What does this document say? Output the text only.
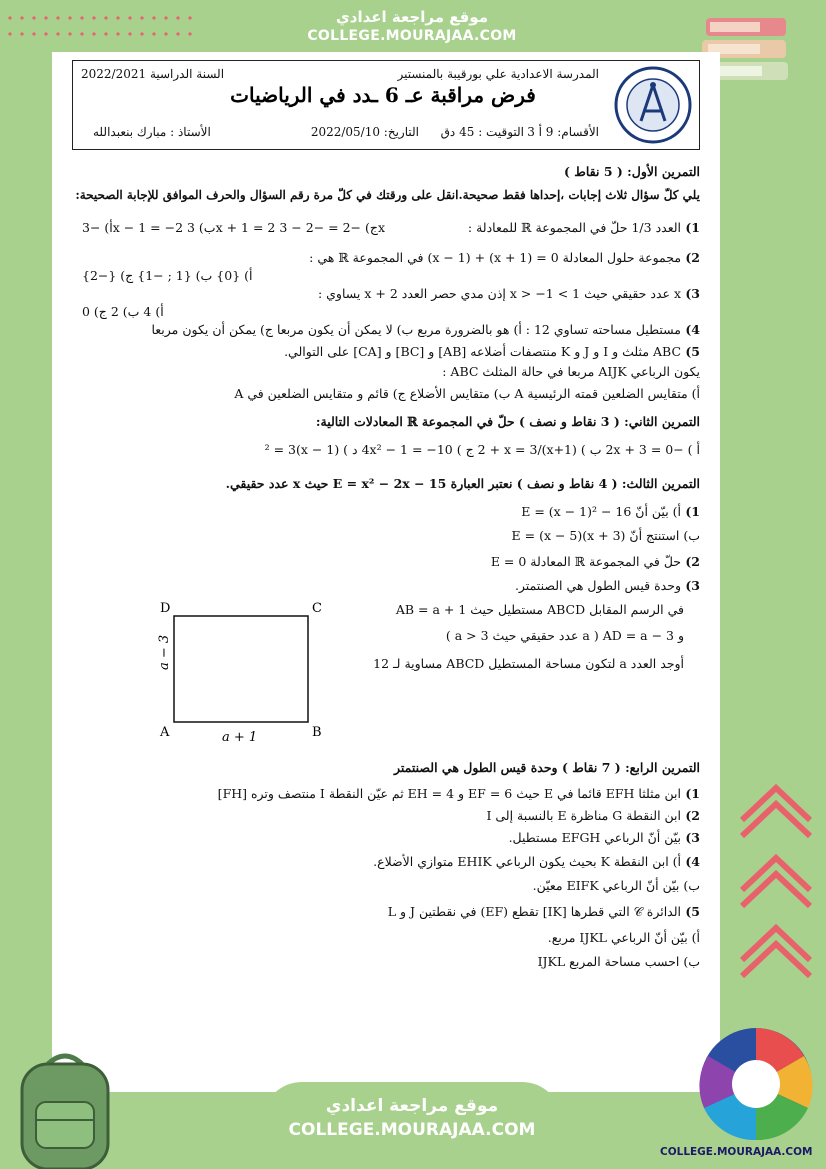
موقع مراجعة اعدادي
COLLEGE.MOURAJAA.COM
المدرسة الاعدادية علي بورقيبة بالمنستير
السنة الدراسية 2022/2021
فرض مراقبة عـ 6 ـدد في الرياضيات
الأقسام: 9 أ 3
التوقيت : 45 دق
التاريخ: 2022/05/10
الأستاذ : مبارك بنعبدالله
التمرين الأول: ( 5 نقاط )
يلي كلّ سؤال ثلاث إجابات ،إحداها فقط صحيحة.انقل على ورقتك في كلّ مرة رقم السؤال والحرف الموافق للإجابة الصحيحة:
1) العدد 1/3 حلّ في المجموعة ℝ للمعادلة :
أ) −3x − 1 = −2 ب) 3x + 1 = 2 ج) −2 = −2 − 3x
2) مجموعة حلول المعادلة 0 = (x + 1) + (x − 1) في المجموعة ℝ هي :
أ) {0} ب) {1 ; −1} ج) {−2}
3) x عدد حقيقي حيث 1 > x > −1 إذن مدي حصر العدد x + 2 يساوي :
أ) 4 ب) 2 ج) 0
4) مستطيل مساحته تساوي 12 : أ) هو بالضرورة مربع ب) لا يمكن أن يكون مربعا ج) يمكن أن يكون مربعا
5) ABC مثلث و I و J و K منتصفات أضلاعه [AB] و [BC] و [CA] على التوالي.
يكون الرباعي AIJK مربعا في حالة المثلث ABC :
أ) متقايس الضلعين قمته الرئيسية A ب) متقايس الأضلاع ج) قائم و متقايس الضلعين في A
التمرين الثاني: ( 3 نقاط و نصف ) حلّ في المجموعة ℝ المعادلات التالية:
أ ) −2x + 3 = 0 ب ) (x+1)/2 + x = 3 ج ) 4x² − 1 = −10 د ) (x − 1)² = 3
التمرين الثالث: ( 4 نقاط و نصف ) نعتبر العبارة E = x² − 2x − 15 حيث x عدد حقيقي.
1) أ) بيّن أنّ E = (x − 1)² − 16
ب) استنتج أنّ E = (x − 5)(x + 3)
2) حلّ في المجموعة ℝ المعادلة E = 0
3) وحدة قيس الطول هي الصنتمتر.
في الرسم المقابل ABCD مستطيل حيث AB = a + 1
و AD = a − 3 ( a عدد حقيقي حيث a > 3 )
أوجد العدد a لتكون مساحة المستطيل ABCD مساوية لـ 12
D	C
A	B
a + 1
a − 3
التمرين الرابع: ( 7 نقاط ) وحدة قيس الطول هي الصنتمتر
1) ابن مثلثا EFH قائما في E حيث EF = 6 و EH = 4 ثم عيّن النقطة I منتصف وتره [FH]
2) ابن النقطة G مناظرة E بالنسبة إلى I
3) بيّن أنّ الرباعي EFGH مستطيل.
4) أ) ابن النقطة K بحيث يكون الرباعي EHIK متوازي الأضلاع.
ب) بيّن أنّ الرباعي EIFK معيّن.
5) الدائرة 𝒞 التي قطرها [IK] تقطع (EF) في نقطتين J و L
أ) بيّن أنّ الرباعي IJKL مربع.
ب) احسب مساحة المربع IJKL
موقع مراجعة اعدادي
COLLEGE.MOURAJAA.COM
COLLEGE.MOURAJAA.COM
